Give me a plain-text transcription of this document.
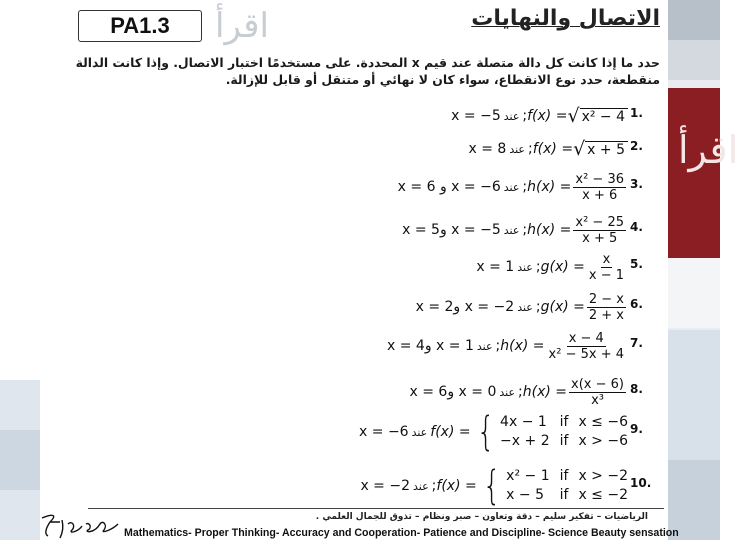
اقرأ
PA1.3	اقرأ	الاتصال والنهايات
حدد ما إذا كانت كل دالة متصلة عند قيم x المحددة. على مستخدمًا اختبار الاتصال. وإذا كانت الدالة منقطعة، حدد نوع الانقطاع، سواء كان لا نهائي أو متنقل أو قابل للإزالة.
1.
x = −5 عند ; f(x) = √ x² − 4
2.
x = 8 عند ; f(x) = √ x + 5
3.
x = 6 و x = −6 عند ; $h(x) = \frac{\text{x² − 36}}{x + 6}$
4.
x = 5و x = −5 عند ; $h(x) = \frac{\text{x² − 25}}{x + 5}$
5.
x = 1 عند ; $g(x) = \frac{x}{x - 1}$
6.
x = 2و x = −2 عند ; $g(x) = \frac{2 - x}{2 + x}$
7.
x = 4و x = 1 عند ; $h(x) = \frac{x - 4}{\text{x² − 5x + 4}}$
8.
x = 6و x = 0 عند ; $h(x) = \frac{x(x - 6)}{\text{x³}}$
9.
x = −6 عند f(x) = { 4x − 1 if x ≤ −6
−x + 2 if x > −6
10.
x = −2 عند ; f(x) = { x² − 1 if x > −2
x − 5	if x ≤ −2
الرياضيات – تفكير سليم – دقة وتعاون – صبر ونظام – تذوق للجمال العلمي .
Mathematics- Proper Thinking- Accuracy and Cooperation- Patience and Discipline- Science Beauty sensation
